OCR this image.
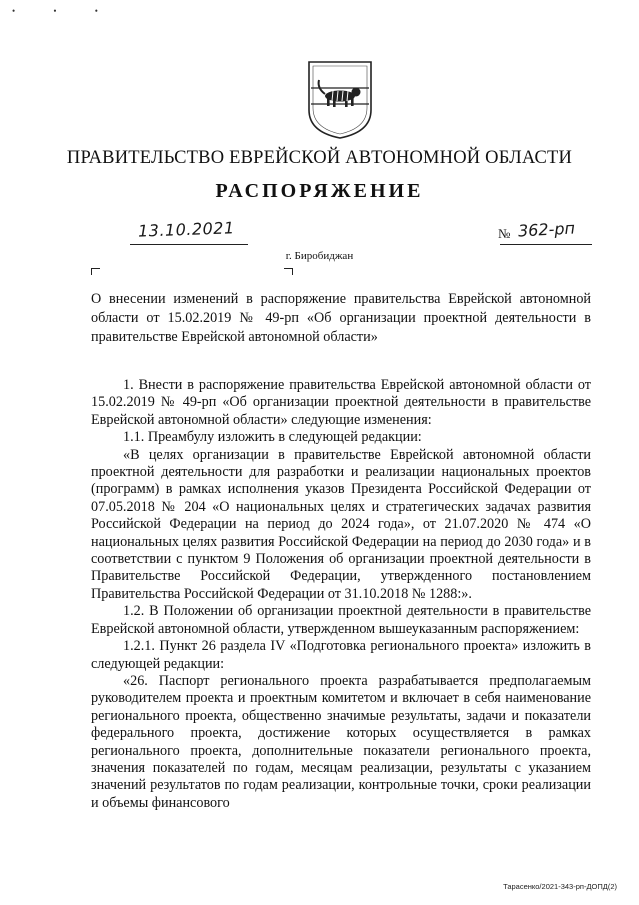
• • •
ПРАВИТЕЛЬСТВО ЕВРЕЙСКОЙ АВТОНОМНОЙ ОБЛАСТИ
РАСПОРЯЖЕНИЕ
13.10.2021	№ 362-рп
г. Биробиджан
О внесении изменений в распоряжение правительства Еврейской автономной области от 15.02.2019 № 49-рп «Об организации проектной деятельности в правительстве Еврейской автономной области»

1. Внести в распоряжение правительства Еврейской автономной области от 15.02.2019 № 49-рп «Об организации проектной деятельности в правительстве Еврейской автономной области» следующие изменения:

1.1. Преамбулу изложить в следующей редакции:

«В целях организации в правительстве Еврейской автономной области проектной деятельности для разработки и реализации национальных проектов (программ) в рамках исполнения указов Президента Российской Федерации от 07.05.2018 № 204 «О национальных целях и стратегических задачах развития Российской Федерации на период до 2024 года», от 21.07.2020 № 474 «О национальных целях развития Российской Федерации на период до 2030 года» и в соответствии с пунктом 9 Положения об организации проектной деятельности в Правительстве Российской Федерации, утвержденного постановлением Правительства Российской Федерации от 31.10.2018 № 1288:».

1.2. В Положении об организации проектной деятельности в правительстве Еврейской автономной области, утвержденном вышеуказанным распоряжением:

1.2.1. Пункт 26 раздела IV «Подготовка регионального проекта» изложить в следующей редакции:

«26. Паспорт регионального проекта разрабатывается предполагаемым руководителем проекта и проектным комитетом и включает в себя наименование регионального проекта, общественно значимые результаты, задачи и показатели федерального проекта, достижение которых осуществляется в рамках регионального проекта, дополнительные показатели регионального проекта, значения показателей по годам, месяцам реализации, результаты с указанием значений результатов по годам реализации, контрольные точки, сроки реализации и объемы финансового

Тарасенко/2021-343-рп-ДОПД(2)
